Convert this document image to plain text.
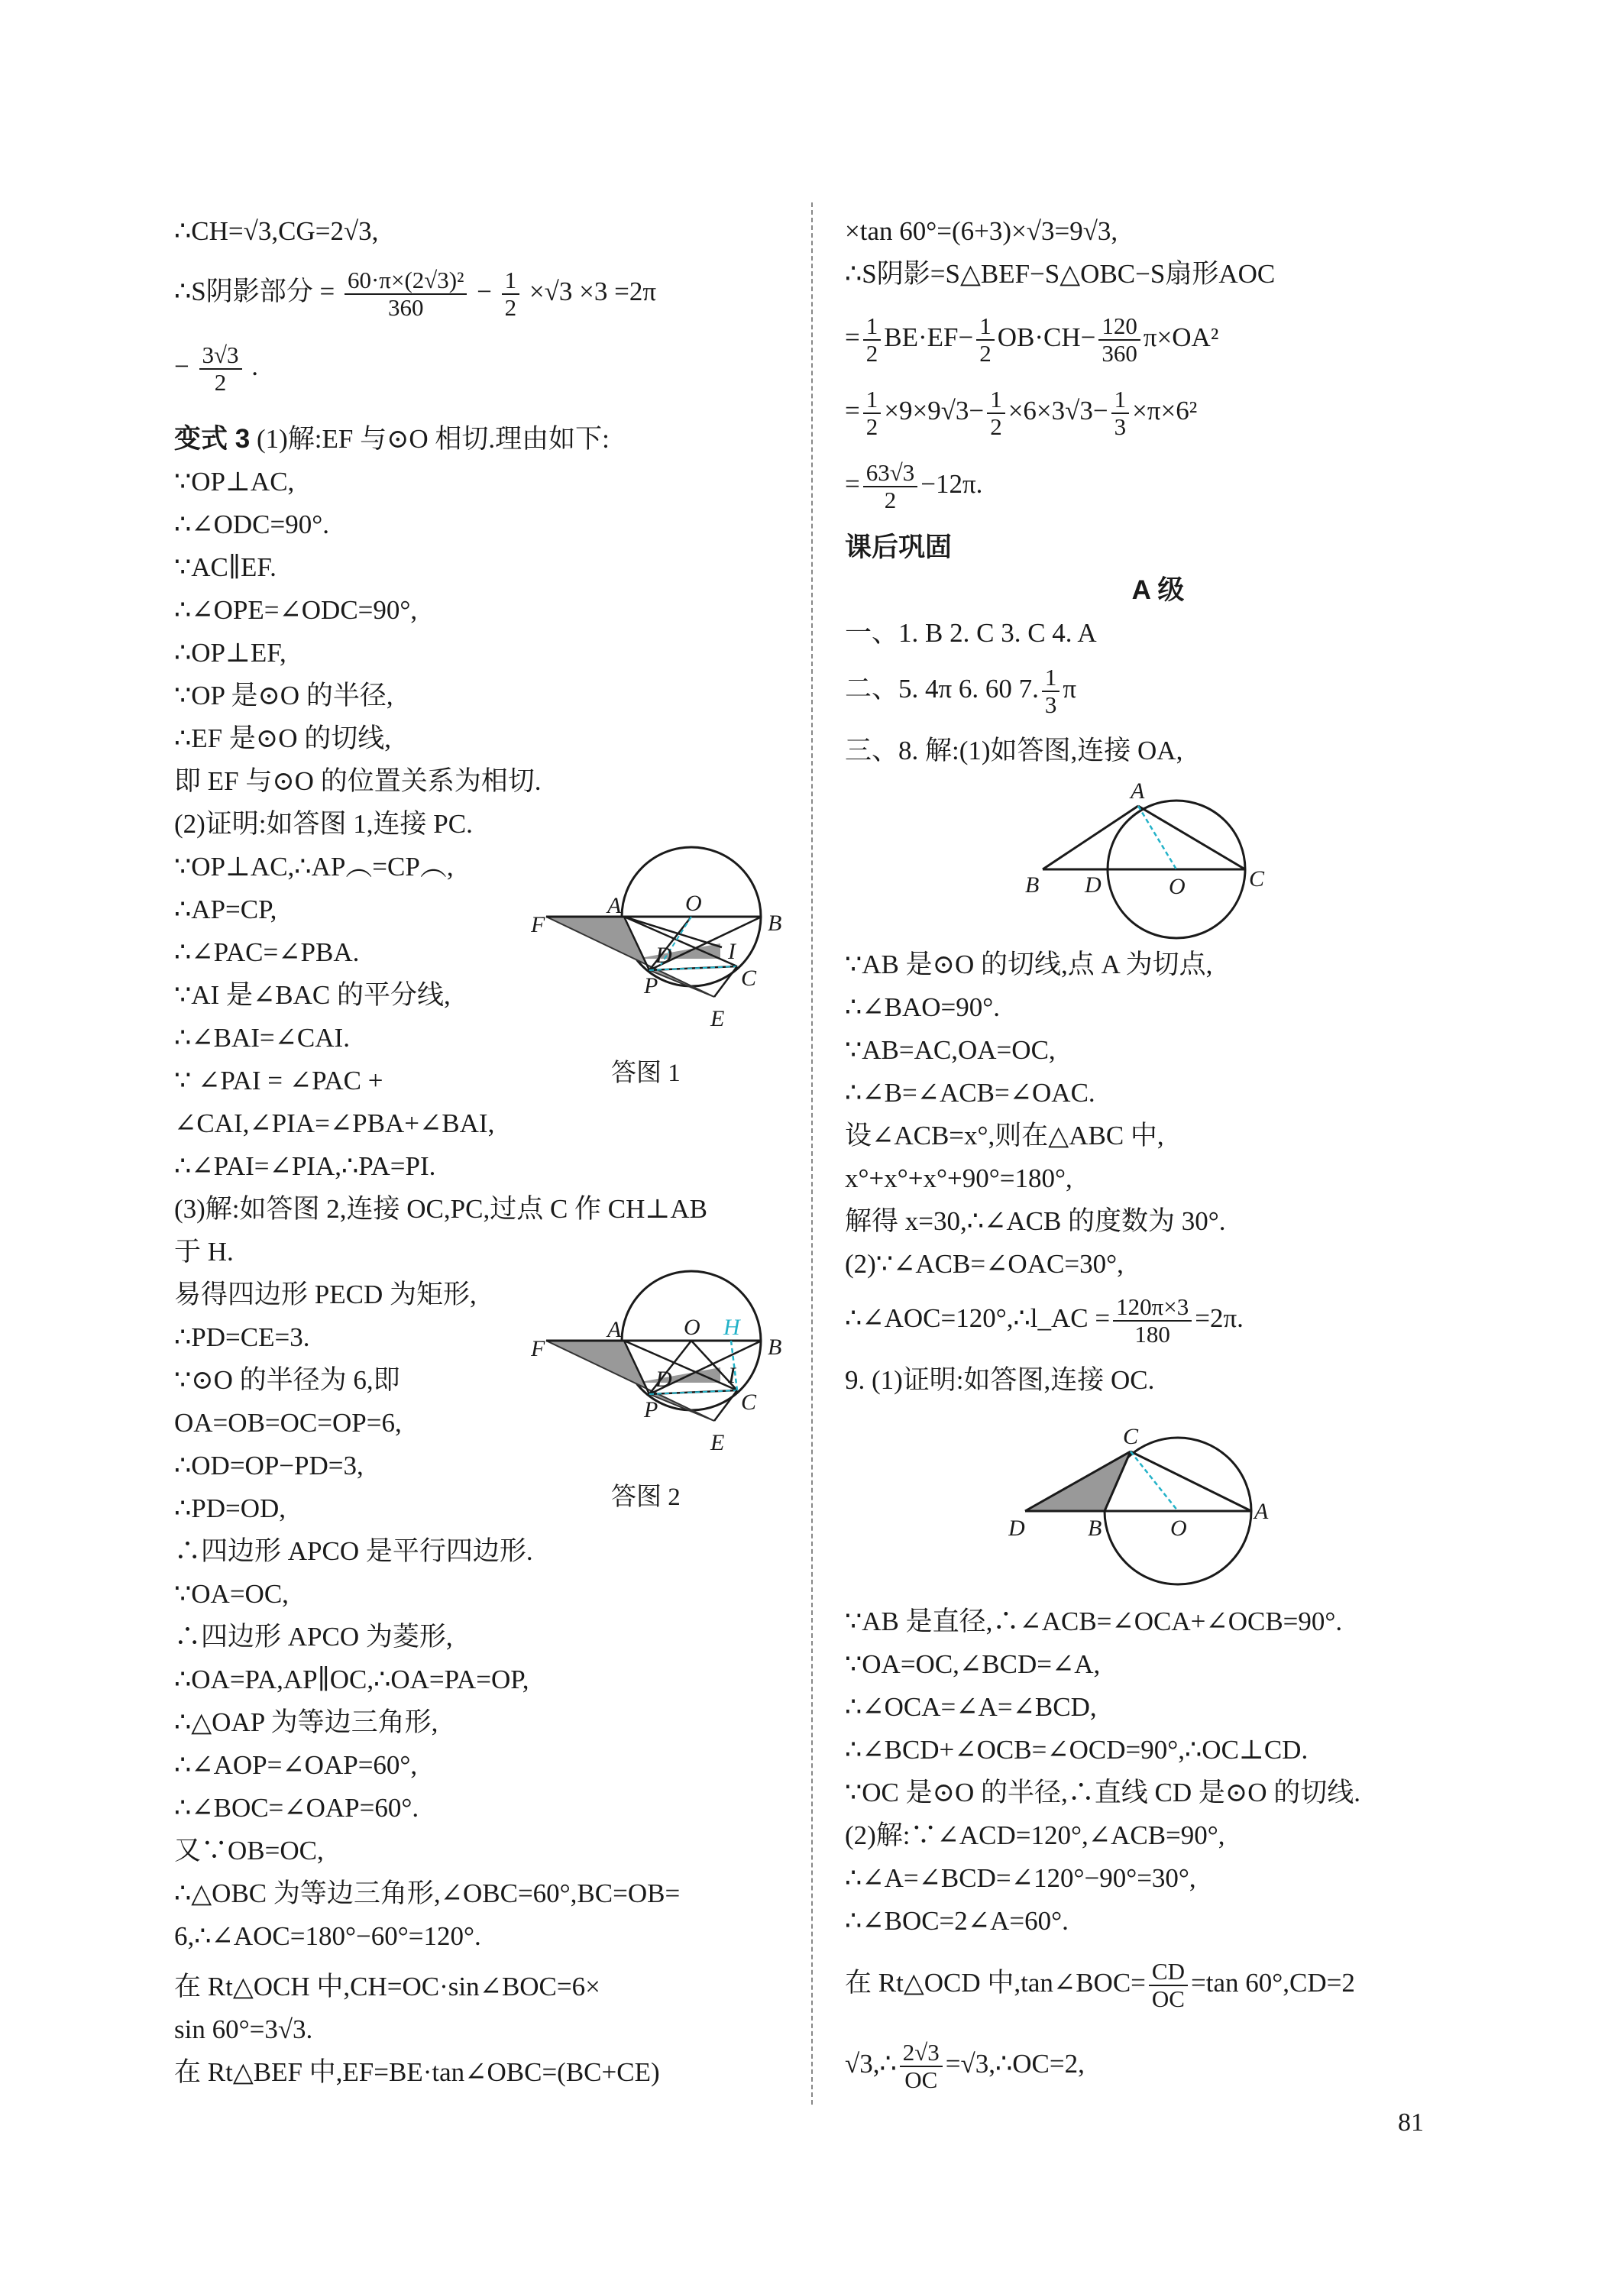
∴CH=√3,CG=2√3,
∴S阴影部分 = $\frac{\text{60·π×(2√3)²}}{360} - \frac{1}{2} \times√3 \times 3 =2\pi$
− $\frac{3√3}{2}$ .
变式 3 (1)解:EF 与⊙O 相切.理由如下:
∵OP⊥AC,
∴∠ODC=90°.
∵AC∥EF.
∴∠OPE=∠ODC=90°,
∴OP⊥EF,
∵OP 是⊙O 的半径,
∴EF 是⊙O 的切线,
即 EF 与⊙O 的位置关系为相切.
(2)证明:如答图 1,连接 PC.
∵OP⊥AC,∴AP︵=CP︵,
∴AP=CP,
∴∠PAC=∠PBA.
∵AI 是∠BAC 的平分线,
∴∠BAI=∠CAI.
∵ ∠PAI = ∠PAC +
∠CAI,∠PIA=∠PBA+∠BAI,
∴∠PAI=∠PIA,∴PA=PI.
(3)解:如答图 2,连接 OC,PC,过点 C 作 CH⊥AB
于 H.
易得四边形 PECD 为矩形,
∴PD=CE=3.
∵⊙O 的半径为 6,即
OA=OB=OC=OP=6,
∴OD=OP−PD=3,
∴PD=OD,
∴四边形 APCO 是平行四边形.
∵OA=OC,
∴四边形 APCO 为菱形,
∴OA=PA,AP∥OC,∴OA=PA=OP,
∴△OAP 为等边三角形,
∴∠AOP=∠OAP=60°,
∴∠BOC=∠OAP=60°.
又∵OB=OC,
∴△OBC 为等边三角形,∠OBC=60°,BC=OB=
6,∴∠AOC=180°−60°=120°.
在 Rt△OCH 中,CH=OC·sin∠BOC=6×
sin 60°=3√3.
在 Rt△BEF 中,EF=BE·tan∠OBC=(BC+CE)
F
A	O
B
D I
P	C
E
答图 1
F
A	O H
B
D I
P	C
E
答图 2
×tan 60°=(6+3)×√3=9√3,
∴S阴影=S△BEF−S△OBC−S扇形AOC
= $\frac{1}{2} BE\cdot EF- \frac{1}{2} OB\cdot CH- \frac{120}{360} \pi\times OA^2$
= $\frac{1}{2} \times 9\times 9√3- \frac{1}{2} \times 6\times 3√3- \frac{1}{3} \times\pi\times 6^2$
= $\frac{63√3}{2} -12\pi$.
课后巩固
A 级
一、1. B 2. C 3. C 4. A
二、5. 4π 6. 60 7. $\frac{1}{3}$ π
三、8. 解:(1)如答图,连接 OA,
A
B D	O	C
∵AB 是⊙O 的切线,点 A 为切点,
∴∠BAO=90°.
∵AB=AC,OA=OC,
∴∠B=∠ACB=∠OAC.
设∠ACB=x°,则在△ABC 中,
x°+x°+x°+90°=180°,
解得 x=30,∴∠ACB 的度数为 30°.
(2)∵∠ACB=∠OAC=30°,
∴∠AOC=120°,∴l_AC = $\frac{120\pi\times 3}{180} =2\pi$.
9. (1)证明:如答图,连接 OC.
C
D	B	O
A
∵AB 是直径,∴∠ACB=∠OCA+∠OCB=90°.
∵OA=OC,∠BCD=∠A,
∴∠OCA=∠A=∠BCD,
∴∠BCD+∠OCB=∠OCD=90°,∴OC⊥CD.
∵OC 是⊙O 的半径,∴直线 CD 是⊙O 的切线.
(2)解:∵∠ACD=120°,∠ACB=90°,
∴∠A=∠BCD=∠120°−90°=30°,
∴∠BOC=2∠A=60°.
在 Rt△OCD 中,tan∠BOC= $\frac{CD}{OC} =\tan$ 60°,CD=2
√3,∴ $\frac{2√3}{OC}$ =√3,∴OC=2,
81
